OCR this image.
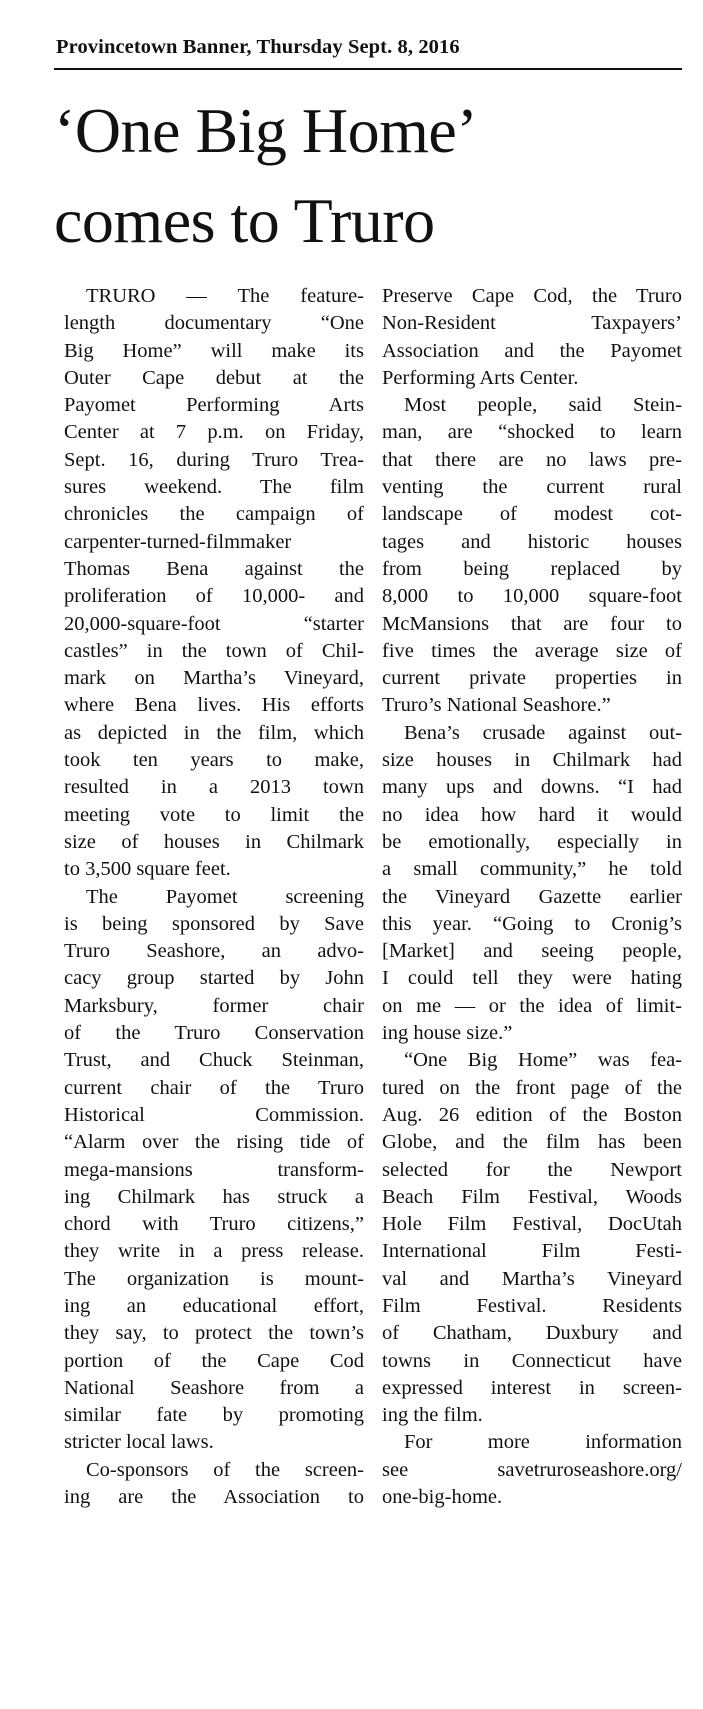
Provincetown Banner, Thursday Sept. 8, 2016
‘One Big Home’
comes to Truro
TRURO — The feature-
length documentary “One
Big Home” will make its
Outer Cape debut at the
Payomet Performing Arts
Center at 7 p.m. on Friday,
Sept. 16, during Truro Trea-
sures weekend. The film
chronicles the campaign of
carpenter-turned-filmmaker
Thomas Bena against the
proliferation of 10,000- and
20,000-square-foot “starter
castles” in the town of Chil-
mark on Martha’s Vineyard,
where Bena lives. His efforts
as depicted in the film, which
took ten years to make,
resulted in a 2013 town
meeting vote to limit the
size of houses in Chilmark
to 3,500 square feet.
The Payomet screening
is being sponsored by Save
Truro Seashore, an advo-
cacy group started by John
Marksbury, former chair
of the Truro Conservation
Trust, and Chuck Steinman,
current chair of the Truro
Historical Commission.
“Alarm over the rising tide of
mega-mansions transform-
ing Chilmark has struck a
chord with Truro citizens,”
they write in a press release.
The organization is mount-
ing an educational effort,
they say, to protect the town’s
portion of the Cape Cod
National Seashore from a
similar fate by promoting
stricter local laws.
Co-sponsors of the screen-
ing are the Association to
Preserve Cape Cod, the Truro
Non-Resident Taxpayers’
Association and the Payomet
Performing Arts Center.
Most people, said Stein-
man, are “shocked to learn
that there are no laws pre-
venting the current rural
landscape of modest cot-
tages and historic houses
from being replaced by
8,000 to 10,000 square-foot
McMansions that are four to
five times the average size of
current private properties in
Truro’s National Seashore.”
Bena’s crusade against out-
size houses in Chilmark had
many ups and downs. “I had
no idea how hard it would
be emotionally, especially in
a small community,” he told
the Vineyard Gazette earlier
this year. “Going to Cronig’s
[Market] and seeing people,
I could tell they were hating
on me — or the idea of limit-
ing house size.”
“One Big Home” was fea-
tured on the front page of the
Aug. 26 edition of the Boston
Globe, and the film has been
selected for the Newport
Beach Film Festival, Woods
Hole Film Festival, DocUtah
International Film Festi-
val and Martha’s Vineyard
Film Festival. Residents
of Chatham, Duxbury and
towns in Connecticut have
expressed interest in screen-
ing the film.
For more information
see savetruroseashore.org/
one-big-home.
